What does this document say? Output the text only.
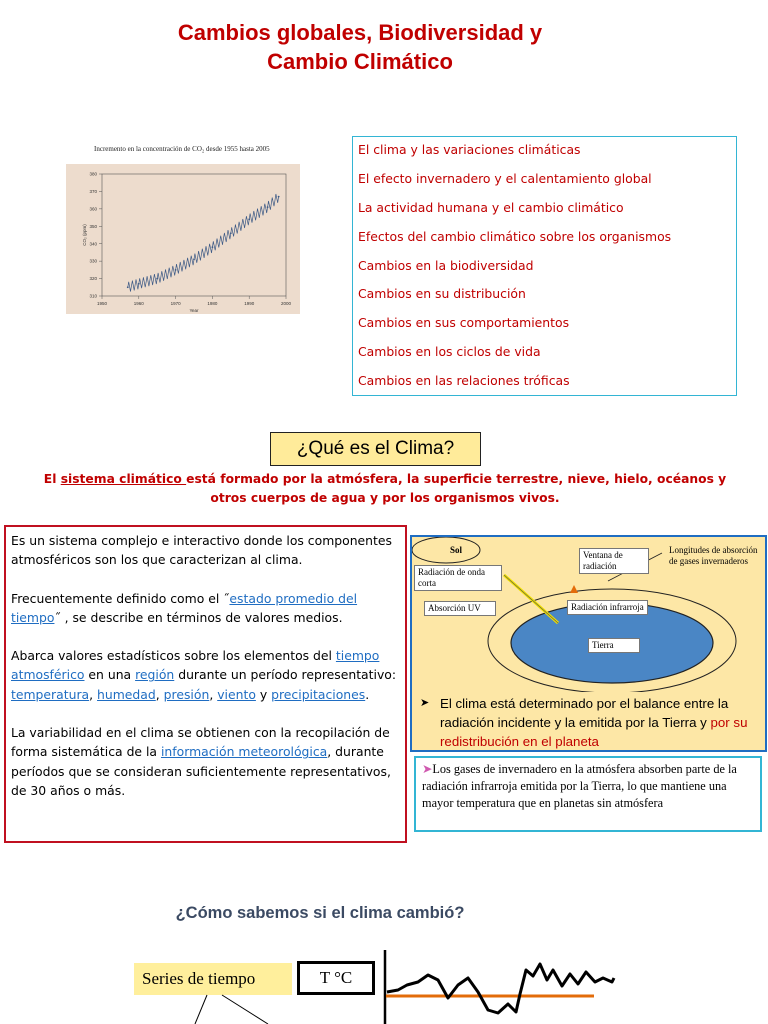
Cambios globales, Biodiversidad y
Cambio Climático
Incremento en la concentración de CO₂ desde 1955 hasta 2005
1950	1960	1970	1980	1990	2000
310
320
330
340
350
360
370
380
Year
CO₂ (ppm)
El clima y las variaciones climáticas
El efecto invernadero y el calentamiento global
La actividad humana y el cambio climático
Efectos del cambio climático sobre los organismos
Cambios en la biodiversidad
Cambios en su distribución
Cambios en sus comportamientos
Cambios en los ciclos de vida
Cambios en las relaciones tróficas
¿Qué es el Clima?
El sistema climático está formado por la atmósfera, la superficie terrestre, nieve, hielo, océanos y otros cuerpos de agua y por los organismos vivos.

Es un sistema complejo e interactivo donde los componentes atmosféricos son los que caracterizan al clima.

Frecuentemente definido como el ˝estado promedio del tiempo˝ , se describe en términos de valores medios.

Abarca valores estadísticos sobre los elementos del tiempo atmosférico en una región durante un período representativo: temperatura, humedad, presión, viento y precipitaciones.

La variabilidad en el clima se obtienen con la recopilación de forma sistemática de la información meteorológica, durante períodos que se consideran suficientemente representativos, de 30 años o más.

Sol
Radiación de onda corta
Ventana de radiación
Longitudes de absorción de gases invernaderos
Absorción UV	Radiación infrarroja
Tierra
➤ El clima está determinado por el balance entre la radiación incidente y la emitida por la Tierra y por su redistribución en el planeta
➤Los gases de invernadero en la atmósfera absorben parte de la radiación infrarroja emitida por la Tierra, lo que mantiene una mayor temperatura que en planetas sin atmósfera
¿Cómo sabemos si el clima cambió?
Series de tiempo	T °C
